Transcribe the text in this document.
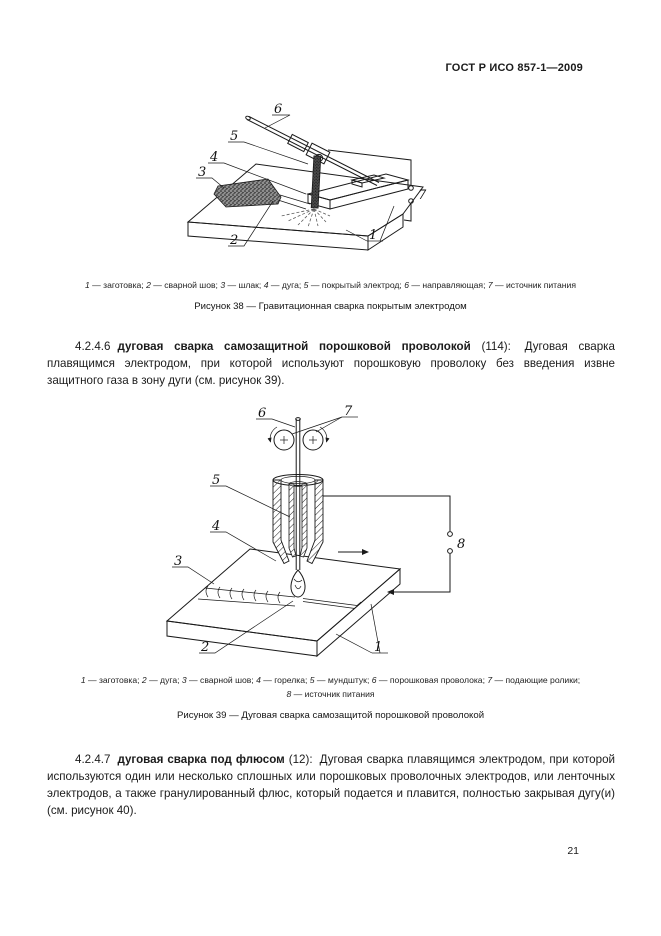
ГОСТ Р ИСО 857-1—2009
6
5
4
3
2	1
7
1 — заготовка; 2 — сварной шов; 3 — шлак; 4 — дуга; 5 — покрытый электрод; 6 — направляющая; 7 — источник питания
Рисунок 38 — Гравитационная сварка покрытым электродом

4.2.4.6 дуговая сварка самозащитной порошковой проволокой (114): Дуговая сварка плавящимся электродом, при которой используют порошковую проволоку без введения извне защитного газа в зону дуги (см. рисунок 39).

6	7
5
4
3
2	1
8
1 — заготовка; 2 — дуга; 3 — сварной шов; 4 — горелка; 5 — мундштук; 6 — порошковая проволока; 7 — подающие ролики;
8 — источник питания
Рисунок 39 — Дуговая сварка самозащитой порошковой проволокой

4.2.4.7 дуговая сварка под флюсом (12): Дуговая сварка плавящимся электродом, при которой используются один или несколько сплошных или порошковых проволочных электродов, или ленточных электродов, а также гранулированный флюс, который подается и плавится, полностью закрывая дугу(и) (см. рисунок 40).

21
